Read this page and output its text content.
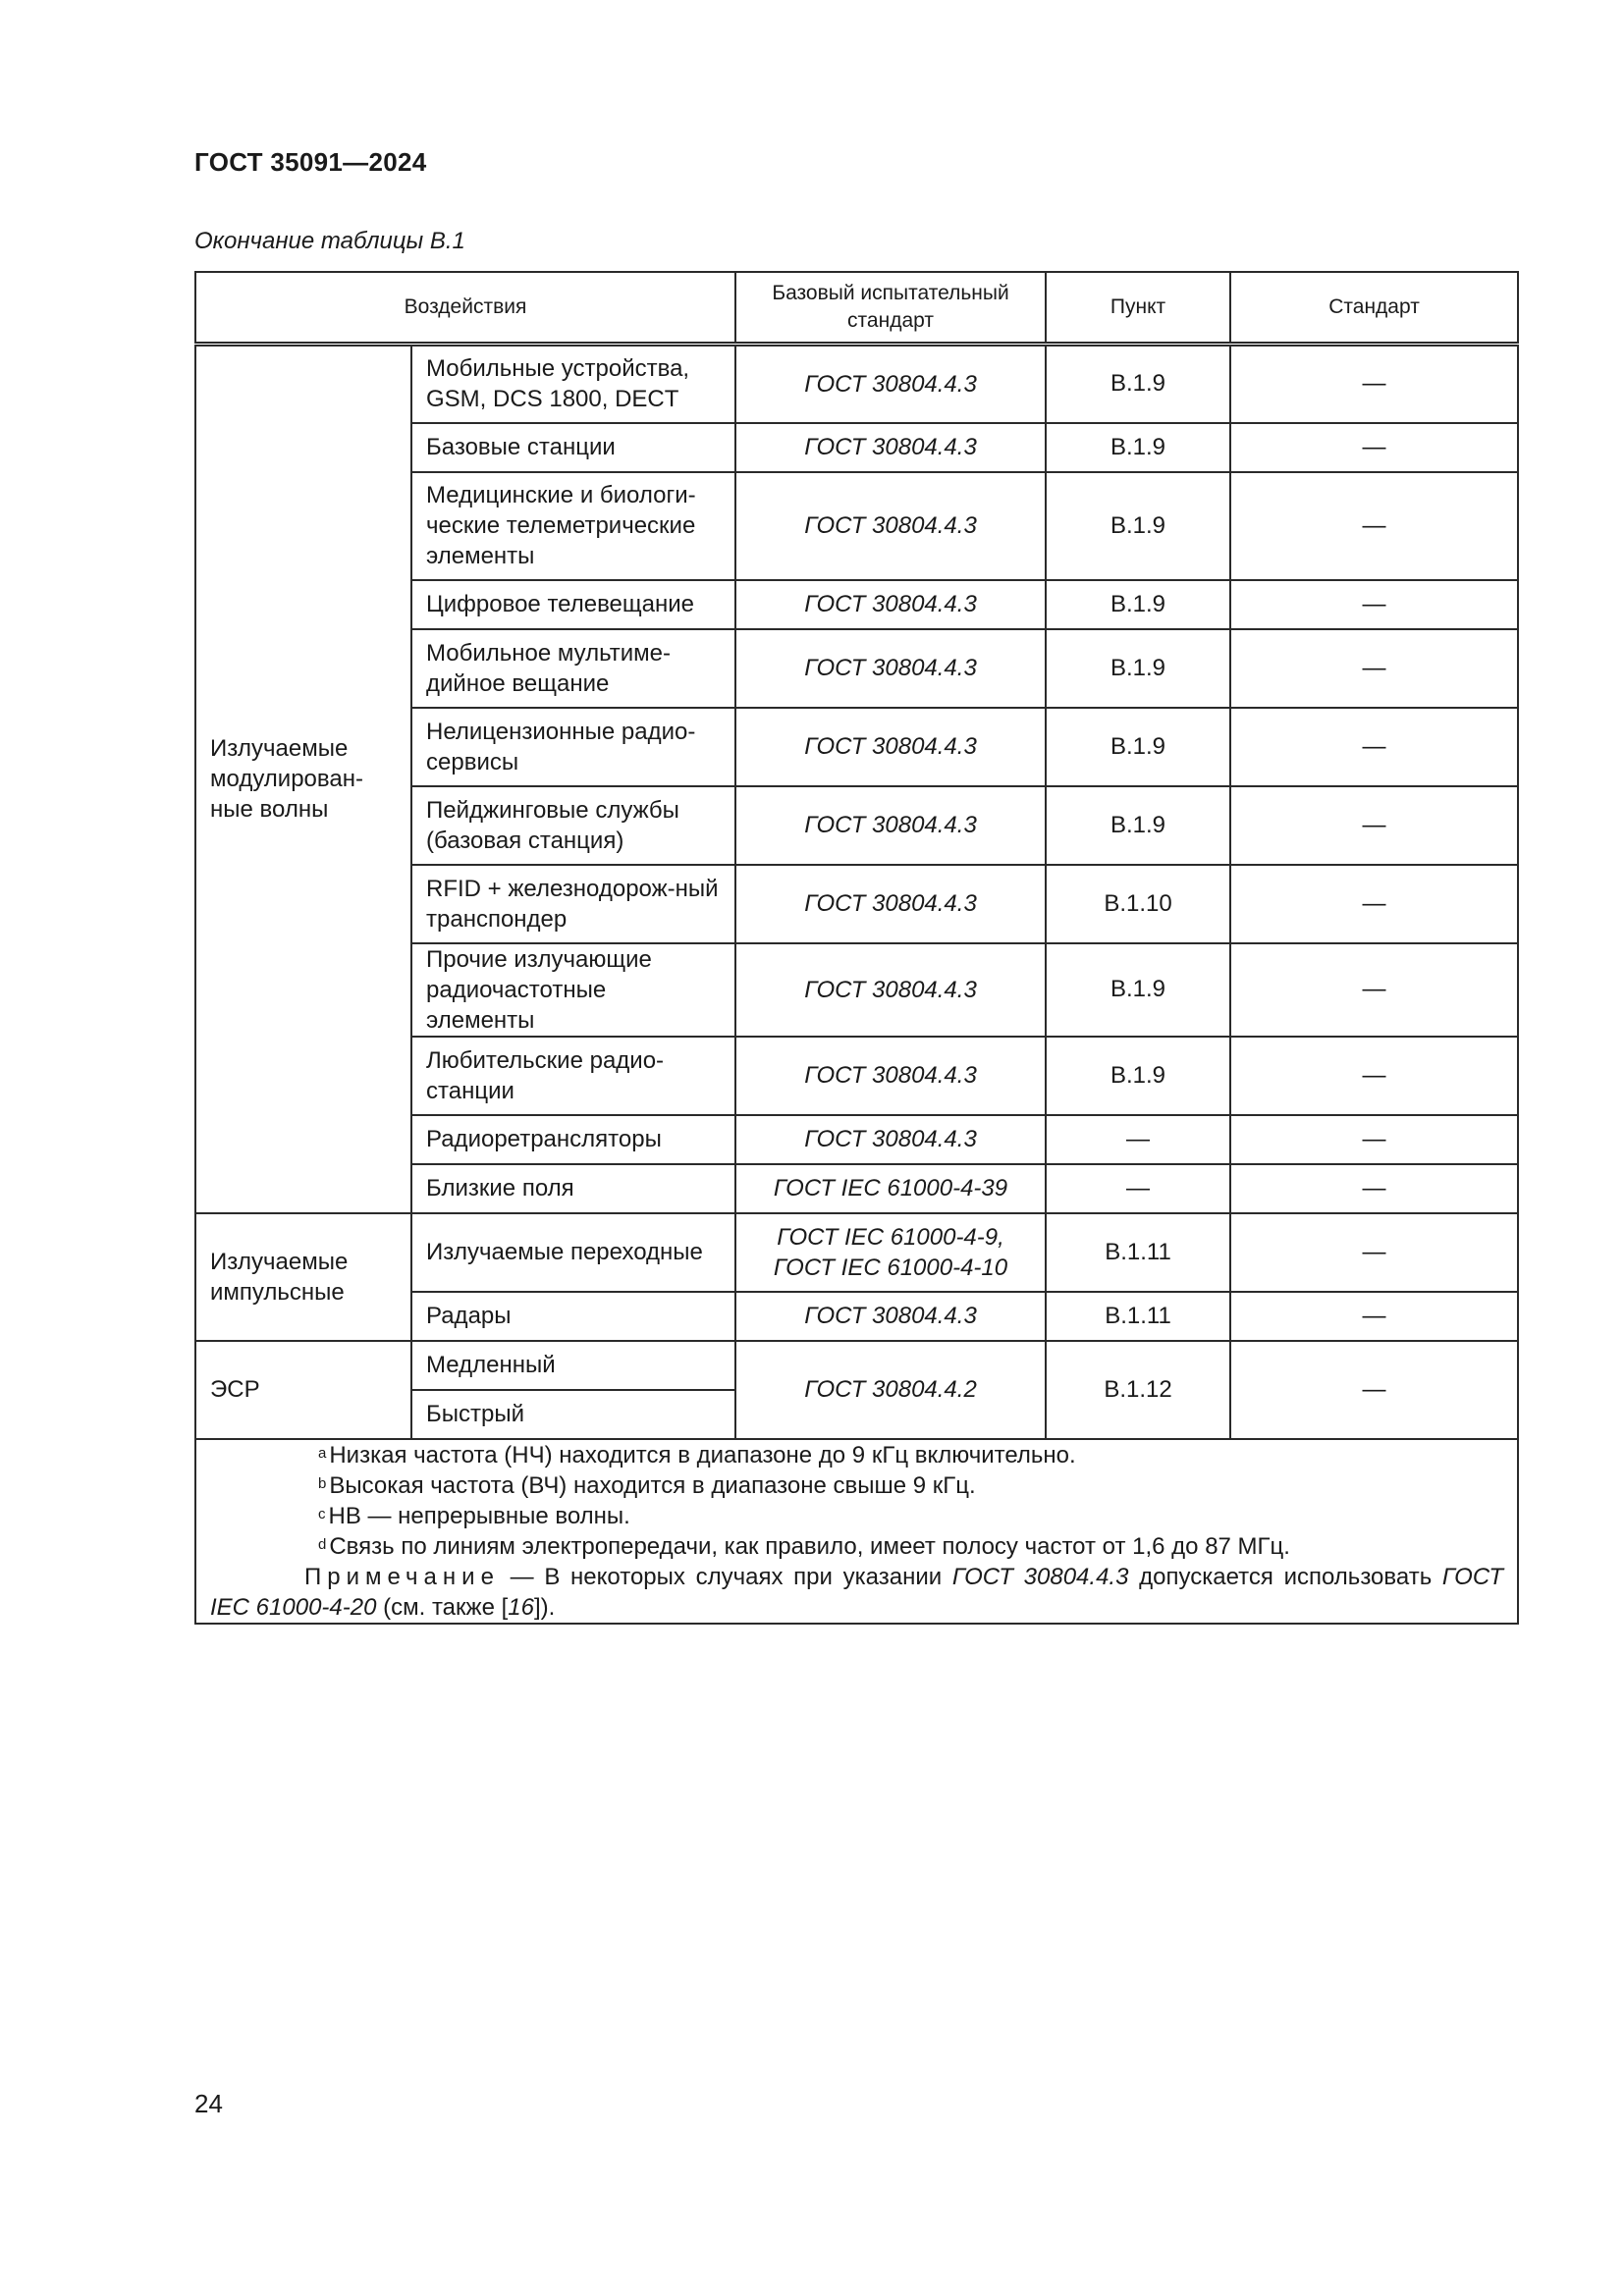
ГОСТ 35091—2024
Окончание таблицы В.1
Воздействия		Базовый испытательный стандарт	Пункт	Стандарт
Излучаемые модулирован-ные волны	Мобильные устройства, GSM, DCS 1800, DECT	ГОСТ 30804.4.3	В.1.9	—
	Базовые станции	ГОСТ 30804.4.3	В.1.9	—
	Медицинские и биологи-ческие телеметрические элементы	ГОСТ 30804.4.3	В.1.9	—
	Цифровое телевещание	ГОСТ 30804.4.3	В.1.9	—
	Мобильное мультиме-дийное вещание	ГОСТ 30804.4.3	В.1.9	—
	Нелицензионные радио-сервисы	ГОСТ 30804.4.3	В.1.9	—
	Пейджинговые службы (базовая станция)	ГОСТ 30804.4.3	В.1.9	—
	RFID + железнодорож-ный транспондер	ГОСТ 30804.4.3	В.1.10	—
	Прочие излучающие радиочастотные элементы	ГОСТ 30804.4.3	В.1.9	—
	Любительские радио-станции	ГОСТ 30804.4.3	В.1.9	—
	Радиоретрансляторы	ГОСТ 30804.4.3	—	—
	Близкие поля	ГОСТ IEC 61000-4-39	—	—
Излучаемые импульсные	Излучаемые переходные	ГОСТ IEC 61000-4-9, ГОСТ IEC 61000-4-10	В.1.11	—
	Радары	ГОСТ 30804.4.3	В.1.11	—
ЭСР	Медленный	ГОСТ 30804.4.2	В.1.12	—
	Быстрый			

$^a$ Низкая частота (НЧ) находится в диапазоне до 9 кГц включительно.
$^b$ Высокая частота (ВЧ) находится в диапазоне свыше 9 кГц.
$^c$ НВ — непрерывные волны.
$^d$ Связь по линиям электропередачи, как правило, имеет полосу частот от 1,6 до 87 МГц.
Примечание — В некоторых случаях при указании ГОСТ 30804.4.3 допускается использовать ГОСТ IEC 61000-4-20 (см. также [16]).				
24
